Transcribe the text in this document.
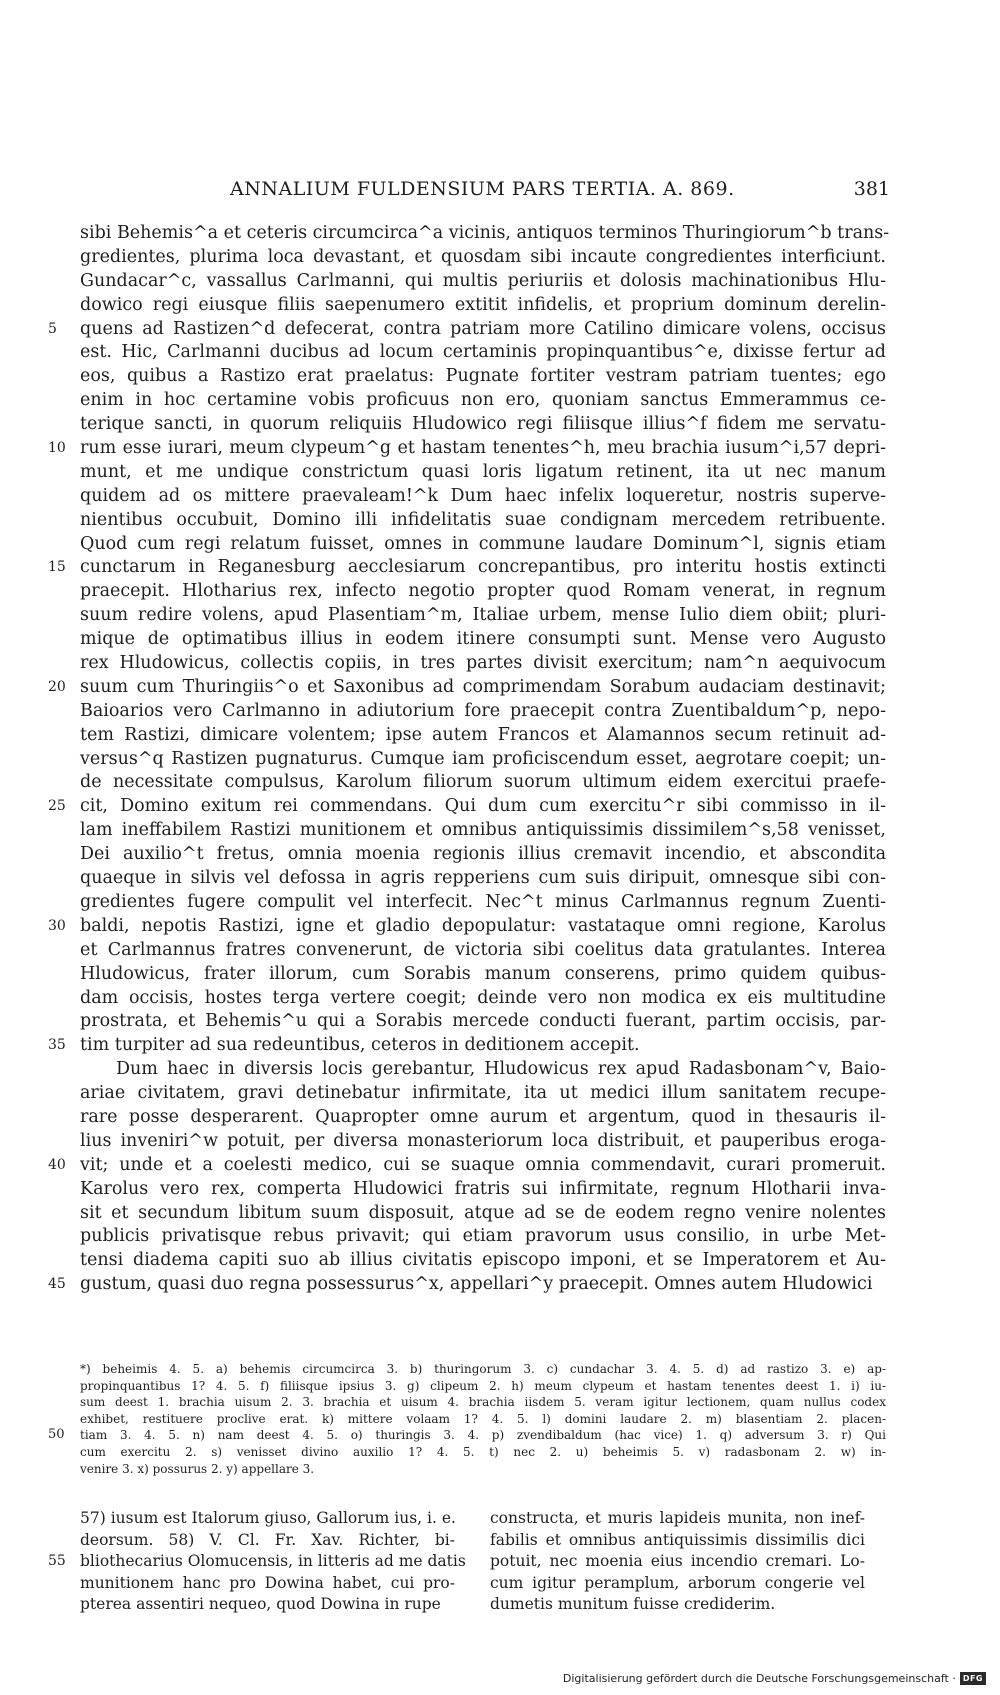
ANNALIUM FULDENSIUM PARS TERTIA. A. 869.	381
sibi Behemis^a et ceteris circumcirca^a vicinis, antiquos terminos Thuringiorum^b trans-
gredientes, plurima loca devastant, et quosdam sibi incaute congredientes interficiunt.
Gundacar^c, vassallus Carlmanni, qui multis periuriis et dolosis machinationibus Hlu-
dowico regi eiusque filiis saepenumero extitit infidelis, et proprium dominum derelin-
5	quens ad Rastizen^d defecerat, contra patriam more Catilino dimicare volens, occisus
est. Hic, Carlmanni ducibus ad locum certaminis propinquantibus^e, dixisse fertur ad
eos, quibus a Rastizo erat praelatus: Pugnate fortiter vestram patriam tuentes; ego
enim in hoc certamine vobis proficuus non ero, quoniam sanctus Emmerammus ce-
terique sancti, in quorum reliquiis Hludowico regi filiisque illius^f fidem me servatu-
10 rum esse iurari, meum clypeum^g et hastam tenentes^h, meu brachia iusum^i,57 depri-
munt, et me undique constrictum quasi loris ligatum retinent, ita ut nec manum
quidem ad os mittere praevaleam!^k Dum haec infelix loqueretur, nostris superve-
nientibus occubuit, Domino illi infidelitatis suae condignam mercedem retribuente.
Quod cum regi relatum fuisset, omnes in commune laudare Dominum^l, signis etiam
15 cunctarum in Reganesburg aecclesiarum concrepantibus, pro interitu hostis extincti
praecepit. Hlotharius rex, infecto negotio propter quod Romam venerat, in regnum
suum redire volens, apud Plasentiam^m, Italiae urbem, mense Iulio diem obiit; pluri-
mique de optimatibus illius in eodem itinere consumpti sunt. Mense vero Augusto
rex Hludowicus, collectis copiis, in tres partes divisit exercitum; nam^n aequivocum
20 suum cum Thuringiis^o et Saxonibus ad comprimendam Sorabum audaciam destinavit;
Baioarios vero Carlmanno in adiutorium fore praecepit contra Zuentibaldum^p, nepo-
tem Rastizi, dimicare volentem; ipse autem Francos et Alamannos secum retinuit ad-
versus^q Rastizen pugnaturus. Cumque iam proficiscendum esset, aegrotare coepit; un-
de necessitate compulsus, Karolum filiorum suorum ultimum eidem exercitui praefe-
25 cit, Domino exitum rei commendans. Qui dum cum exercitu^r sibi commisso in il-
lam ineffabilem Rastizi munitionem et omnibus antiquissimis dissimilem^s,58 venisset,
Dei auxilio^t fretus, omnia moenia regionis illius cremavit incendio, et abscondita
quaeque in silvis vel defossa in agris repperiens cum suis diripuit, omnesque sibi con-
gredientes fugere compulit vel interfecit. Nec^t minus Carlmannus regnum Zuenti-
30 baldi, nepotis Rastizi, igne et gladio depopulatur: vastataque omni regione, Karolus
et Carlmannus fratres convenerunt, de victoria sibi coelitus data gratulantes. Interea
Hludowicus, frater illorum, cum Sorabis manum conserens, primo quidem quibus-
dam occisis, hostes terga vertere coegit; deinde vero non modica ex eis multitudine
prostrata, et Behemis^u qui a Sorabis mercede conducti fuerant, partim occisis, par-
35 tim turpiter ad sua redeuntibus, ceteros in deditionem accepit.
Dum haec in diversis locis gerebantur, Hludowicus rex apud Radasbonam^v, Baio-
ariae civitatem, gravi detinebatur infirmitate, ita ut medici illum sanitatem recupe-
rare posse desperarent. Quapropter omne aurum et argentum, quod in thesauris il-
lius inveniri^w potuit, per diversa monasteriorum loca distribuit, et pauperibus eroga-
40 vit; unde et a coelesti medico, cui se suaque omnia commendavit, curari promeruit.
Karolus vero rex, comperta Hludowici fratris sui infirmitate, regnum Hlotharii inva-
sit et secundum libitum suum disposuit, atque ad se de eodem regno venire nolentes
publicis privatisque rebus privavit; qui etiam pravorum usus consilio, in urbe Met-
tensi diadema capiti suo ab illius civitatis episcopo imponi, et se Imperatorem et Au-
45 gustum, quasi duo regna possessurus^x, appellari^y praecepit. Omnes autem Hludowici
*) beheimis 4. 5. a) behemis circumcirca 3. b) thuringorum 3. c) cundachar 3. 4. 5. d) ad rastizo 3. e) ap-
propinquantibus 1? 4. 5. f) filiisque ipsius 3. g) clipeum 2. h) meum clypeum et hastam tenentes deest 1. i) iu-
sum deest 1. brachia uisum 2. 3. brachia et uisum 4. brachia iisdem 5. veram igitur lectionem, quam nullus codex
exhibet, restituere proclive erat. k) mittere volaam 1? 4. 5. l) domini laudare 2. m) blasentiam 2. placen-
50	tiam 3. 4. 5. n) nam deest 4. 5. o) thuringis 3. 4. p) zvendibaldum (hac vice) 1. q) adversum 3. r) Qui
cum exercitu 2. s) venisset divino auxilio 1? 4. 5. t) nec 2. u) beheimis 5. v) radasbonam 2. w) in-
venire 3. x) possurus 2. y) appellare 3.
57) iusum est Italorum giuso, Gallorum ius, i. e.
deorsum. 58) V. Cl. Fr. Xav. Richter, bi-
55 bliothecarius Olomucensis, in litteris ad me datis
munitionem hanc pro Dowina habet, cui pro-
pterea assentiri nequeo, quod Dowina in rupe
constructa, et muris lapideis munita, non inef-
fabilis et omnibus antiquissimis dissimilis dici
potuit, nec moenia eius incendio cremari. Lo-
cum igitur peramplum, arborum congerie vel
dumetis munitum fuisse crediderim.
Digitalisierung gefördert durch die Deutsche Forschungsgemeinschaft · DFG
